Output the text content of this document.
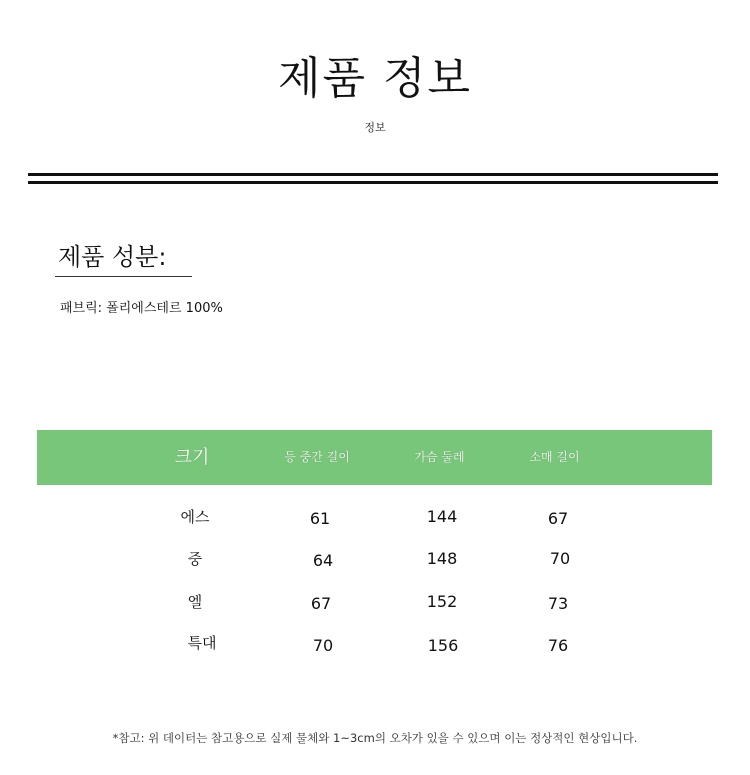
제품 정보
정보
제품 성분:
패브릭: 폴리에스테르 100%
크기	등 중간 길이	가슴 둘레	소매 길이
에스	61	144	67
중	64	148	70
엘	67	152	73
특대	70	156	76
*참고: 위 데이터는 참고용으로 실제 물체와 1~3cm의 오차가 있을 수 있으며 이는 정상적인 현상입니다.
